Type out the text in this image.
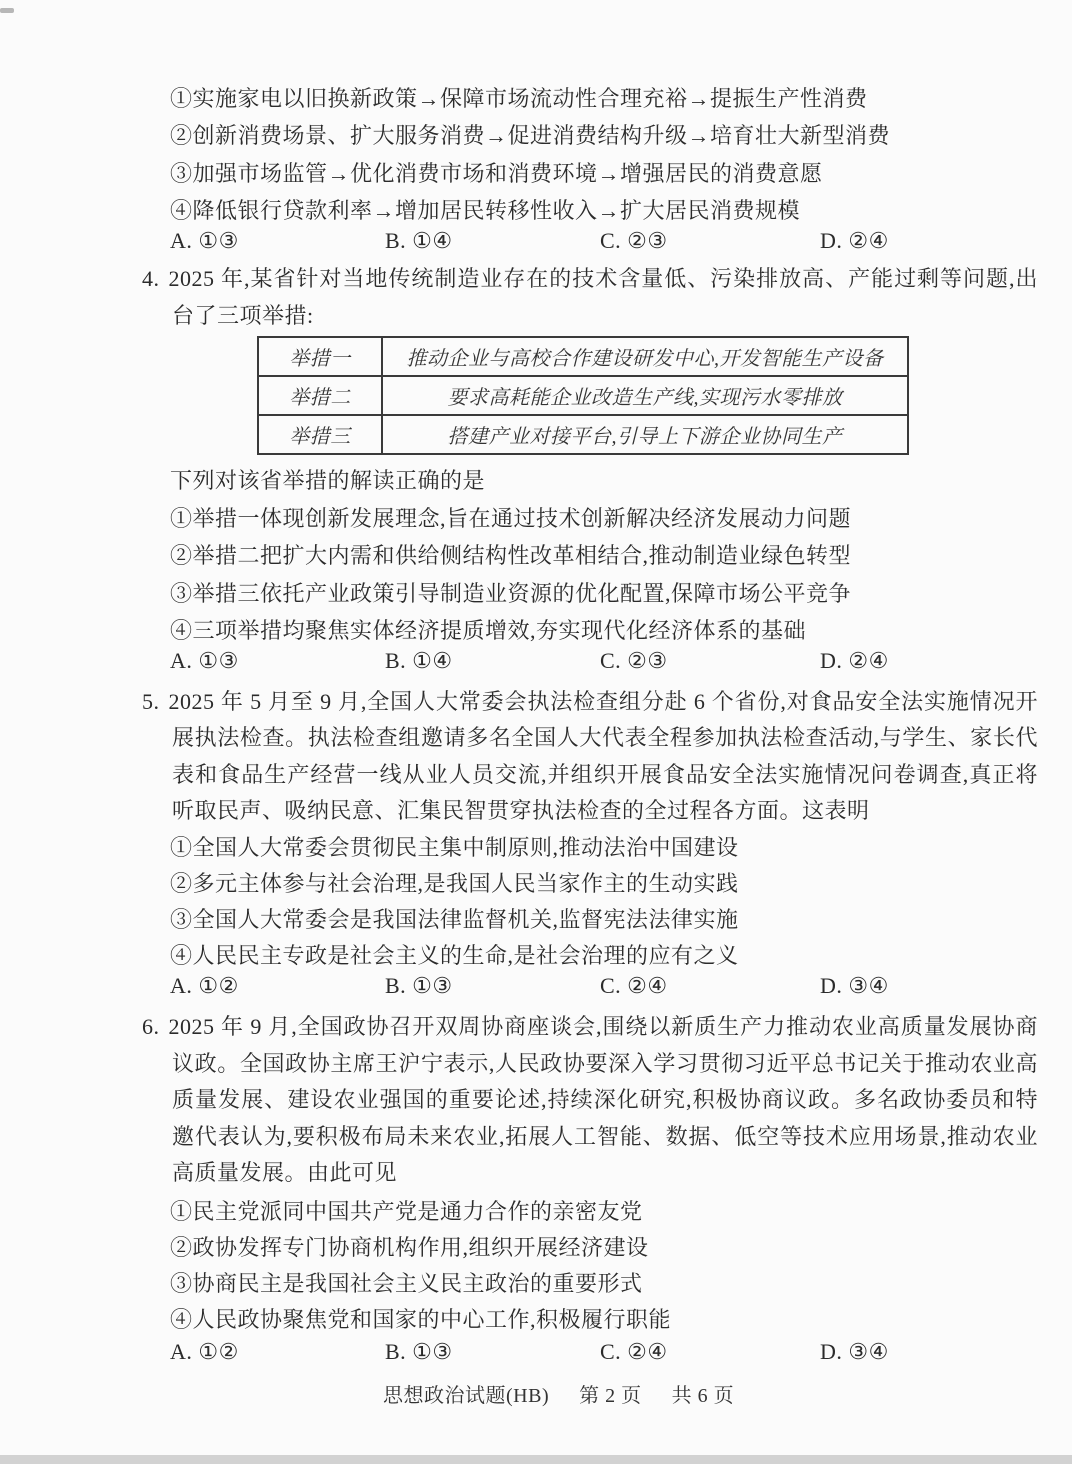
①实施家电以旧换新政策→保障市场流动性合理充裕→提振生产性消费
②创新消费场景、扩大服务消费→促进消费结构升级→培育壮大新型消费
③加强市场监管→优化消费市场和消费环境→增强居民的消费意愿
④降低银行贷款利率→增加居民转移性收入→扩大居民消费规模
A. ①③	B. ①④	C. ②③	D. ②④
4. 2025 年,某省针对当地传统制造业存在的技术含量低、污染排放高、产能过剩等问题,出台了三项举措:
举措一	推动企业与高校合作建设研发中心,开发智能生产设备
举措二	要求高耗能企业改造生产线,实现污水零排放
举措三	搭建产业对接平台,引导上下游企业协同生产
下列对该省举措的解读正确的是
①举措一体现创新发展理念,旨在通过技术创新解决经济发展动力问题
②举措二把扩大内需和供给侧结构性改革相结合,推动制造业绿色转型
③举措三依托产业政策引导制造业资源的优化配置,保障市场公平竞争
④三项举措均聚焦实体经济提质增效,夯实现代化经济体系的基础
A. ①③	B. ①④	C. ②③	D. ②④
5. 2025 年 5 月至 9 月,全国人大常委会执法检查组分赴 6 个省份,对食品安全法实施情况开展执法检查。执法检查组邀请多名全国人大代表全程参加执法检查活动,与学生、家长代表和食品生产经营一线从业人员交流,并组织开展食品安全法实施情况问卷调查,真正将听取民声、吸纳民意、汇集民智贯穿执法检查的全过程各方面。这表明
①全国人大常委会贯彻民主集中制原则,推动法治中国建设
②多元主体参与社会治理,是我国人民当家作主的生动实践
③全国人大常委会是我国法律监督机关,监督宪法法律实施
④人民民主专政是社会主义的生命,是社会治理的应有之义
A. ①②	B. ①③	C. ②④	D. ③④
6. 2025 年 9 月,全国政协召开双周协商座谈会,围绕以新质生产力推动农业高质量发展协商议政。全国政协主席王沪宁表示,人民政协要深入学习贯彻习近平总书记关于推动农业高质量发展、建设农业强国的重要论述,持续深化研究,积极协商议政。多名政协委员和特邀代表认为,要积极布局未来农业,拓展人工智能、数据、低空等技术应用场景,推动农业高质量发展。由此可见
①民主党派同中国共产党是通力合作的亲密友党
②政协发挥专门协商机构作用,组织开展经济建设
③协商民主是我国社会主义民主政治的重要形式
④人民政协聚焦党和国家的中心工作,积极履行职能
A. ①②	B. ①③	C. ②④	D. ③④
思想政治试题(HB) 第 2 页 共 6 页
